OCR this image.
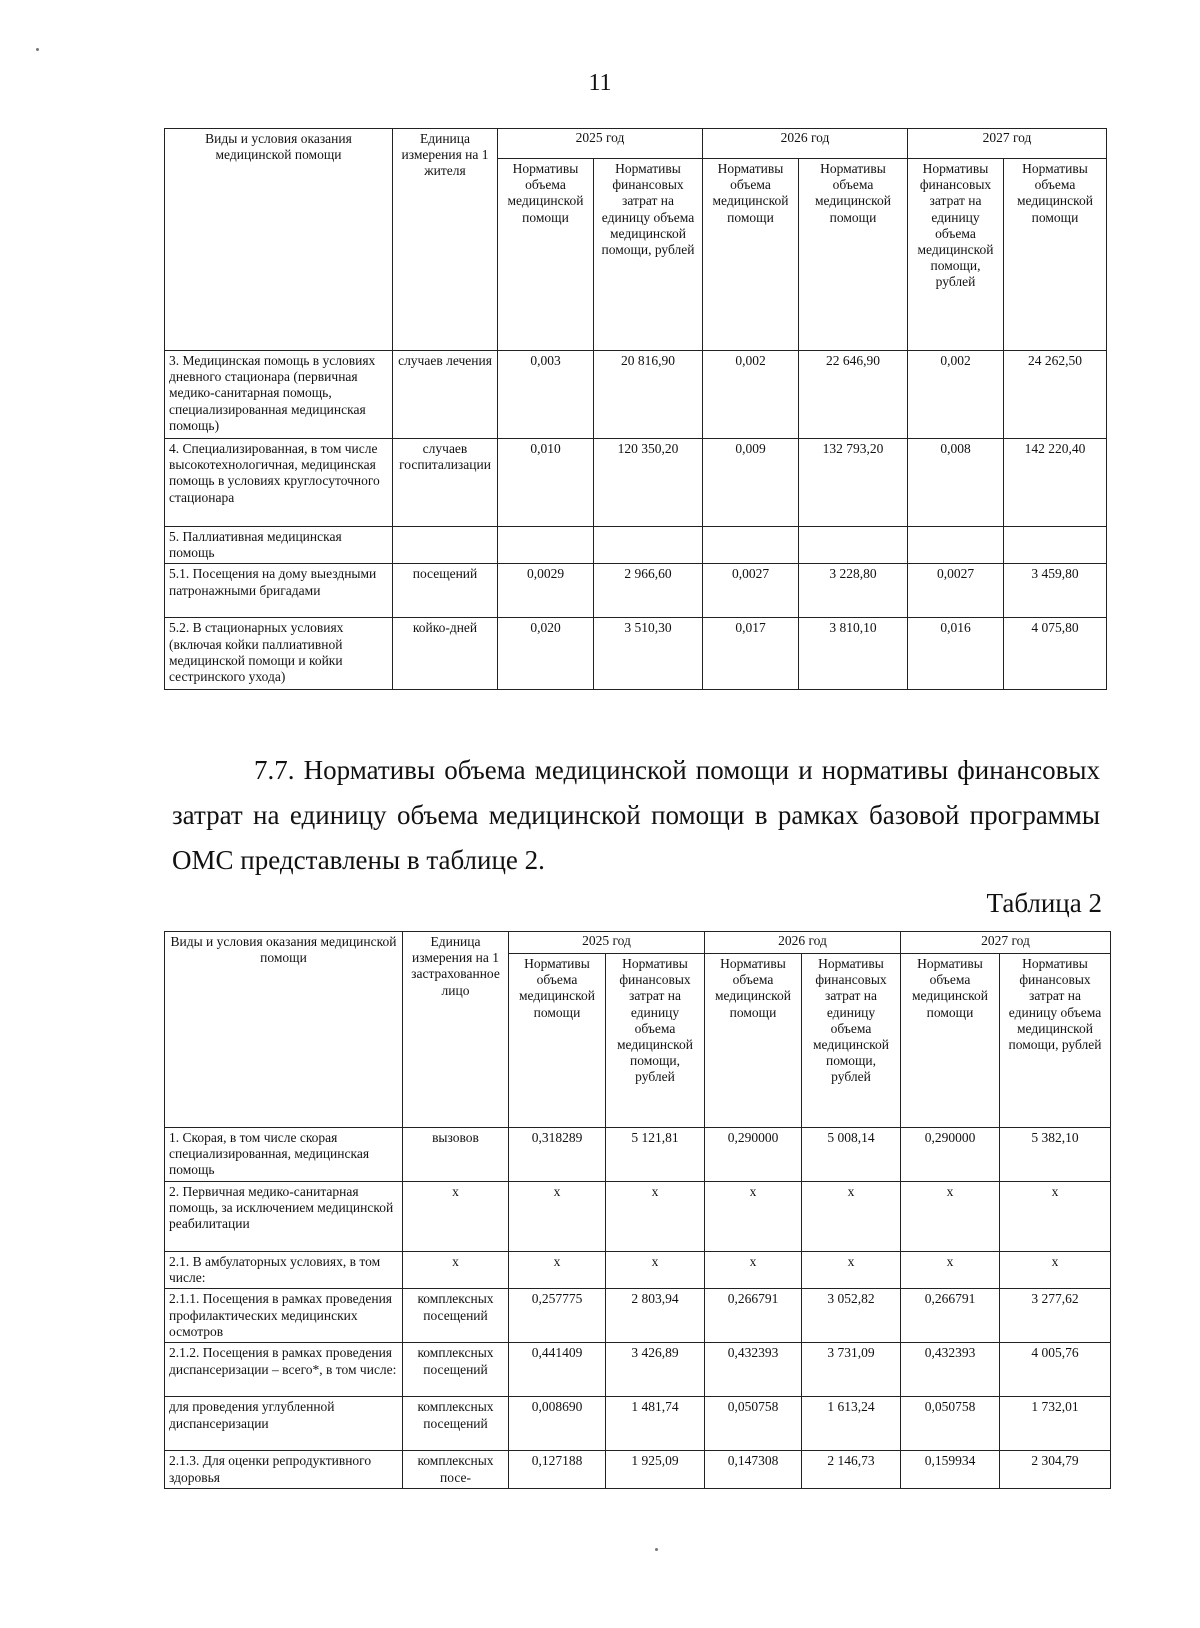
11
Виды и условия оказания медицинской помощи	Единица измерения на 1 жителя	2025 год		2026 год		2027 год	
		Нормативы объема медицинской помощи	Нормативы финансовых затрат на единицу объема медицинской помощи, рублей	Нормативы объема медицинской помощи	Нормативы объема медицинской помощи	Нормативы финансовых затрат на единицу объема медицинской помощи, рублей	Нормативы объема медицинской помощи
3. Медицинская помощь в условиях дневного стационара (первичная медико-санитарная помощь, специализированная медицинская помощь)	случаев лечения	0,003	20 816,90	0,002	22 646,90	0,002	24 262,50
4. Специализированная, в том числе высокотехнологичная, медицинская помощь в условиях круглосуточного стационара	случаев госпитализации	0,010	120 350,20	0,009	132 793,20	0,008	142 220,40
5. Паллиативная медицинская помощь							
5.1. Посещения на дому выездными патронажными бригадами	посещений	0,0029	2 966,60	0,0027	3 228,80	0,0027	3 459,80
5.2. В стационарных условиях (включая койки паллиативной медицинской помощи и койки сестринского ухода)	койко-дней	0,020	3 510,30	0,017	3 810,10	0,016	4 075,80
7.7. Нормативы объема медицинской помощи и нормативы финансовых затрат на единицу объема медицинской помощи в рамках базовой программы ОМС представлены в таблице 2.
Таблица 2
Виды и условия оказания медицинской помощи	Единица измерения на 1 застрахованное лицо	2025 год		2026 год		2027 год	
		Нормативы объема медицинской помощи	Нормативы финансовых затрат на единицу объема медицинской помощи, рублей	Нормативы объема медицинской помощи	Нормативы финансовых затрат на единицу объема медицинской помощи, рублей	Нормативы объема медицинской помощи	Нормативы финансовых затрат на единицу объема медицинской помощи, рублей
1. Скорая, в том числе скорая специализированная, медицинская помощь	вызовов	0,318289	5 121,81	0,290000	5 008,14	0,290000	5 382,10
2. Первичная медико-санитарная помощь, за исключением медицинской реабилитации	х	х	х	х	х	х	х
2.1. В амбулаторных условиях, в том числе:	х	х	х	х	х	х	х
2.1.1. Посещения в рамках проведения профилактических медицинских осмотров	комплексных посещений	0,257775	2 803,94	0,266791	3 052,82	0,266791	3 277,62
2.1.2. Посещения в рамках проведения диспансеризации – всего*, в том числе:	комплексных посещений	0,441409	3 426,89	0,432393	3 731,09	0,432393	4 005,76
для проведения углубленной диспансеризации	комплексных посещений	0,008690	1 481,74	0,050758	1 613,24	0,050758	1 732,01
2.1.3. Для оценки репродуктивного здоровья	комплексных посе-	0,127188	1 925,09	0,147308	2 146,73	0,159934	2 304,79
